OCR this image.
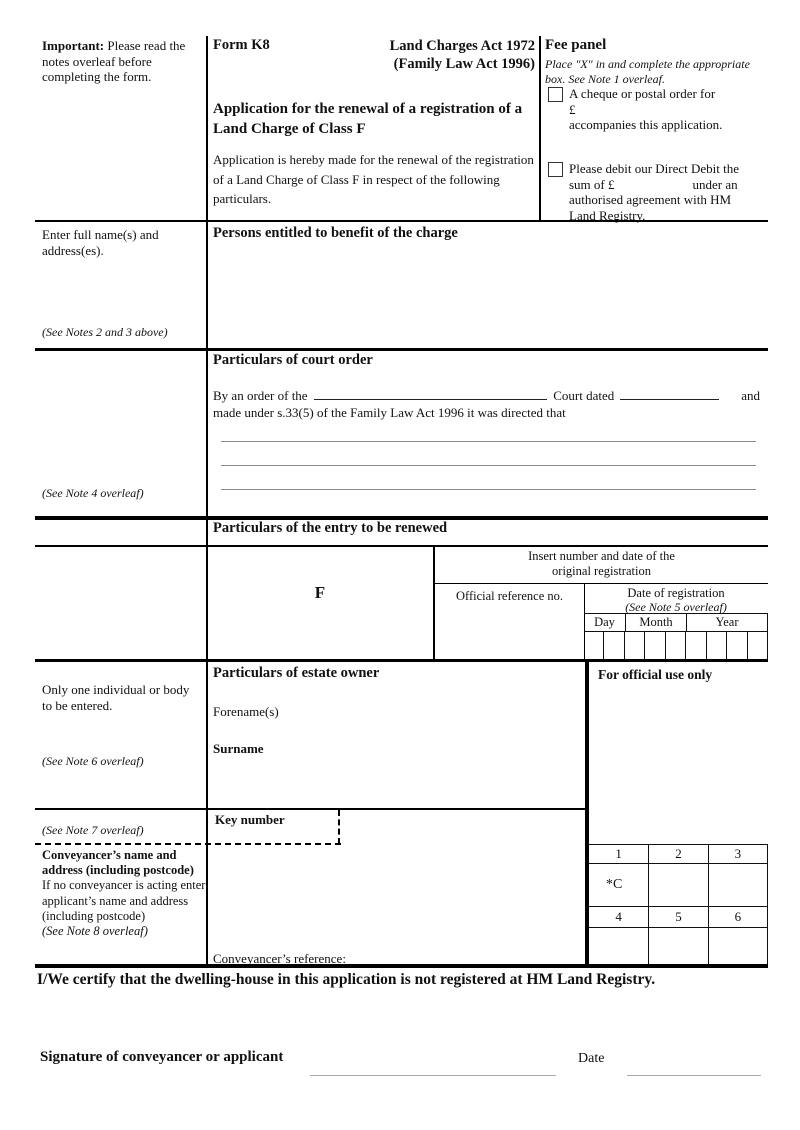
Important: Please read the notes overleaf before completing the form.
Form K8	Land Charges Act 1972
(Family Law Act 1996)
Application for the renewal of a registration of a Land Charge of Class F
Application is hereby made for the renewal of the registration of a Land Charge of Class F in respect of the following particulars.
Fee panel
Place "X" in and complete the appropriate box. See Note 1 overleaf.
A cheque or postal order for
£
accompanies this application.
Please debit our Direct Debit the
sum of £	under an
authorised agreement with HM
Land Registry.
Enter full name(s) and address(es).
(See Notes 2 and 3 above)
Persons entitled to benefit of the charge
Particulars of court order
By an order of the	Court dated	and
made under s.33(5) of the Family Law Act 1996 it was directed that
(See Note 4 overleaf)
Particulars of the entry to be renewed
F
Insert number and date of the original registration
Official reference no.	Date of registration
(See Note 5 overleaf)
Day	Month	Year
Only one individual or body to be entered.
(See Note 6 overleaf)
Particulars of estate owner
Forename(s)
Surname
For official use only
Key number
(See Note 7 overleaf)
Conveyancer’s name and address (including postcode)
If no conveyancer is acting enter applicant’s name and address (including postcode)
(See Note 8 overleaf)
Conveyancer’s reference:
1	2	3
*C
4	5	6
I/We certify that the dwelling-house in this application is not registered at HM Land Registry.
Signature of conveyancer or applicant	Date
